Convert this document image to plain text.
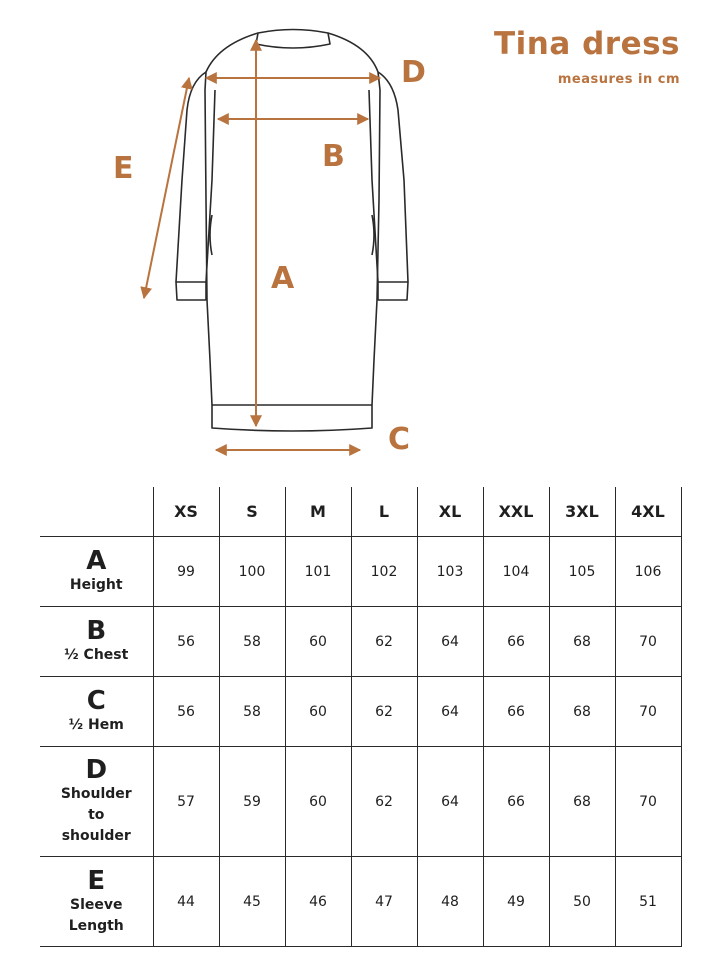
Tina dress
measures in cm
A
B
C
D
E
	XS	S	M	L	XL	XXL	3XL	4XL

A
Height	99	100	101	102	103	104	105	106

B
½ Chest	56	58	60	62	64	66	68	70

C
½ Hem	56	58	60	62	64	66	68	70

D
Shoulder
to
shoulder	57	59	60	62	64	66	68	70

E
Sleeve
Length	44	45	46	47	48	49	50	51
